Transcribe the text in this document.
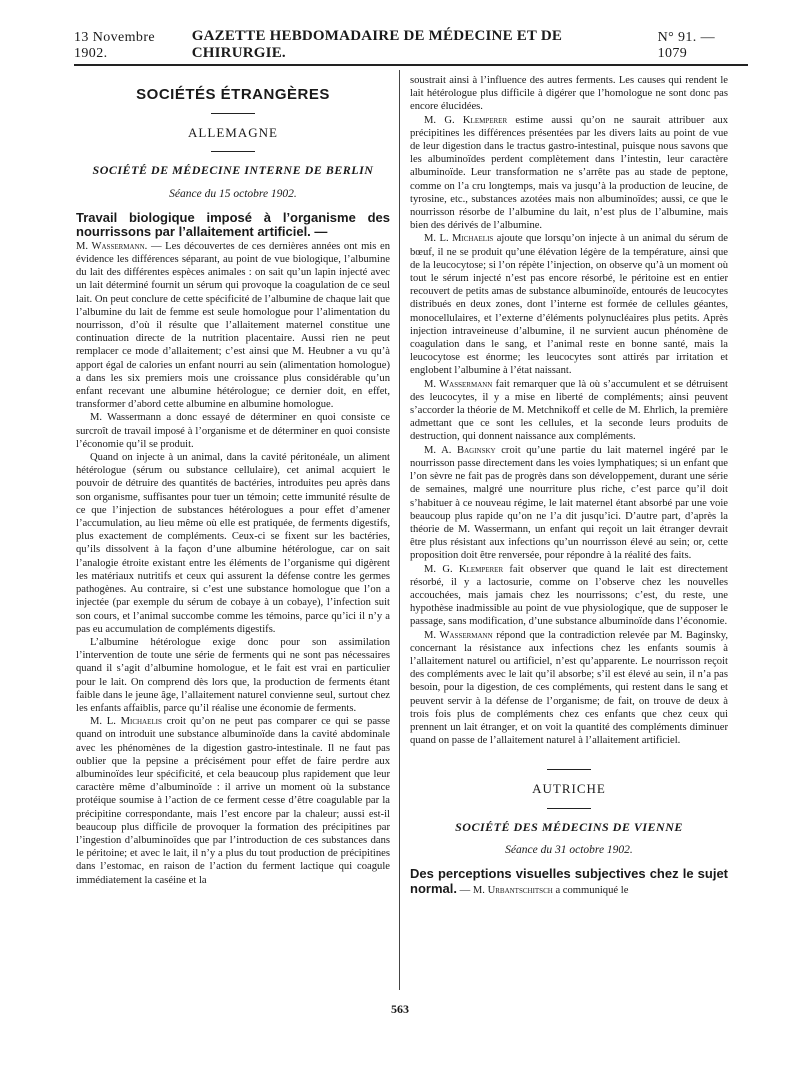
13 Novembre 1902.
GAZETTE HEBDOMADAIRE DE MÉDECINE ET DE CHIRURGIE.
N° 91. — 1079
SOCIÉTÉS ÉTRANGÈRES
ALLEMAGNE
SOCIÉTÉ DE MÉDECINE INTERNE DE BERLIN
Séance du 15 octobre 1902.

Travail biologique imposé à l’organisme des nourrissons par l’allaitement artificiel. —

M. Wassermann. — Les découvertes de ces dernières années ont mis en évidence les différences séparant, au point de vue biologique, l’albumine du lait des différentes espèces animales : on sait qu’un lapin injecté avec un lait déterminé fournit un sérum qui provoque la coagulation de ce seul lait. On peut conclure de cette spécificité de l’albumine de chaque lait que l’albumine du lait de femme est seule homologue pour l’alimentation du nourrisson, d’où il résulte que l’allaitement maternel constitue une continuation directe de la nutrition placentaire. Aussi rien ne peut remplacer ce mode d’allaitement; c’est ainsi que M. Heubner a vu qu’à apport égal de calories un enfant nourri au sein (alimentation homologue) a dans les six premiers mois une croissance plus considérable qu’un enfant recevant une albumine hétérologue; ce dernier doit, en effet, transformer d’abord cette albumine en albumine homologue.

M. Wassermann a donc essayé de déterminer en quoi consiste ce surcroît de travail imposé à l’organisme et de déterminer en quoi consiste l’économie qu’il se produit.

Quand on injecte à un animal, dans la cavité péritonéale, un aliment hétérologue (sérum ou substance cellulaire), cet animal acquiert le pouvoir de détruire des quantités de bactéries, introduites peu après dans son organisme, suffisantes pour tuer un témoin; cette immunité résulte de ce que l’injection de substances hétérologues a pour effet d’amener l’accumulation, au lieu même où elle est pratiquée, de ferments digestifs, plus exactement de compléments. Ceux-ci se fixent sur les bactéries, qu’ils dissolvent à la façon d’une albumine hétérologue, car on sait l’analogie étroite existant entre les éléments de l’organisme qui digèrent les matériaux nutritifs et ceux qui assurent la défense contre les germes pathogènes. Au contraire, si c’est une substance homologue que l’on a injectée (par exemple du sérum de cobaye à un cobaye), l’infection suit son cours, et l’animal succombe comme les témoins, parce qu’ici il n’y a pas eu accumulation de compléments digestifs.

L’albumine hétérologue exige donc pour son assimilation l’intervention de toute une série de ferments qui ne sont pas nécessaires quand il s’agit d’albumine homologue, et le fait est vrai en particulier pour le lait. On comprend dès lors que, la production de ferments étant faible dans le jeune âge, l’allaitement naturel convienne seul, surtout chez les enfants affaiblis, parce qu’il réalise une économie de ferments.

M. L. Michaelis croit qu’on ne peut pas comparer ce qui se passe quand on introduit une substance albuminoïde dans la cavité abdominale avec les phénomènes de la digestion gastro-intestinale. Il ne faut pas oublier que la pepsine a précisément pour effet de faire perdre aux albuminoïdes leur spécificité, et cela beaucoup plus rapidement que leur caractère même d’albuminoïde : il arrive un moment où la substance protéique soumise à l’action de ce ferment cesse d’être coagulable par la précipitine correspondante, mais l’est encore par la chaleur; aussi est-il beaucoup plus difficile de provoquer la formation des précipitines par l’ingestion d’albuminoïdes que par l’introduction de ces substances dans le péritoine; et avec le lait, il n’y a plus du tout production de précipitines dans l’estomac, en raison de l’action du ferment lactique qui coagule immédiatement la caséine et la

soustrait ainsi à l’influence des autres ferments. Les causes qui rendent le lait hétérologue plus difficile à digérer que l’homologue ne sont donc pas encore élucidées.

M. G. Klemperer estime aussi qu’on ne saurait attribuer aux précipitines les différences présentées par les divers laits au point de vue de leur digestion dans le tractus gastro-intestinal, puisque nous savons que les albuminoïdes perdent complètement dans l’intestin, leur caractère albuminoïde. Leur transformation ne s’arrête pas au stade de peptone, comme on l’a cru longtemps, mais va jusqu’à la production de leucine, de tyrosine, etc., substances azotées mais non albuminoïdes; aussi, ce que le nourrisson résorbe de l’albumine du lait, n’est plus de l’albumine, mais bien des dérivés de l’albumine.

M. L. Michaelis ajoute que lorsqu’on injecte à un animal du sérum de bœuf, il ne se produit qu’une élévation légère de la température, ainsi que de la leucocytose; si l’on répète l’injection, on observe qu’à un moment où tout le sérum injecté n’est pas encore résorbé, le péritoine est en entier recouvert de petits amas de substance albuminoïde, entourés de leucocytes distribués en deux zones, dont l’interne est formée de cellules géantes, monocellulaires, et l’externe d’éléments polynucléaires plus petits. Après injection intraveineuse d’albumine, il ne survient aucun phénomène de coagulation dans le sang, et l’animal reste en bonne santé, mais la leucocytose est énorme; les leucocytes sont attirés par irritation et englobent l’albumine à l’état naissant.

M. Wassermann fait remarquer que là où s’accumulent et se détruisent des leucocytes, il y a mise en liberté de compléments; ainsi peuvent s’accorder la théorie de M. Metchnikoff et celle de M. Ehrlich, la première admettant que ce sont les cellules, et la seconde leurs produits de destruction, qui donnent naissance aux compléments.

M. A. Baginsky croit qu’une partie du lait maternel ingéré par le nourrisson passe directement dans les voies lymphatiques; si un enfant que l’on sèvre ne fait pas de progrès dans son développement, durant une série de semaines, malgré une nourriture plus riche, c’est parce qu’il doit s’habituer à ce nouveau régime, le lait maternel étant absorbé par une voie beaucoup plus rapide qu’on ne l’a dit jusqu’ici. D’autre part, d’après la théorie de M. Wassermann, un enfant qui reçoit un lait étranger devrait être plus résistant aux infections qu’un nourrisson élevé au sein; or, cette proposition doit être renversée, pour répondre à la réalité des faits.

M. G. Klemperer fait observer que quand le lait est directement résorbé, il y a lactosurie, comme on l’observe chez les nouvelles accouchées, mais jamais chez les nourrissons; c’est, du reste, une hypothèse inadmissible au point de vue physiologique, que de supposer le passage, sans modification, d’une substance albuminoïde dans l’économie.

M. Wassermann répond que la contradiction relevée par M. Baginsky, concernant la résistance aux infections chez les enfants soumis à l’allaitement naturel ou artificiel, n’est qu’apparente. Le nourrisson reçoit des compléments avec le lait qu’il absorbe; s’il est élevé au sein, il n’a pas besoin, pour la digestion, de ces compléments, qui restent dans le sang et peuvent servir à la défense de l’organisme; de fait, on trouve de deux à trois fois plus de compléments chez ces enfants que chez ceux qui prennent un lait étranger, et on voit la quantité des compléments diminuer quand on passe de l’allaitement naturel à l’allaitement artificiel.

AUTRICHE
SOCIÉTÉ DES MÉDECINS DE VIENNE
Séance du 31 octobre 1902.

Des perceptions visuelles subjectives chez le sujet normal. — M. Urbantschitsch a communiqué le

563
